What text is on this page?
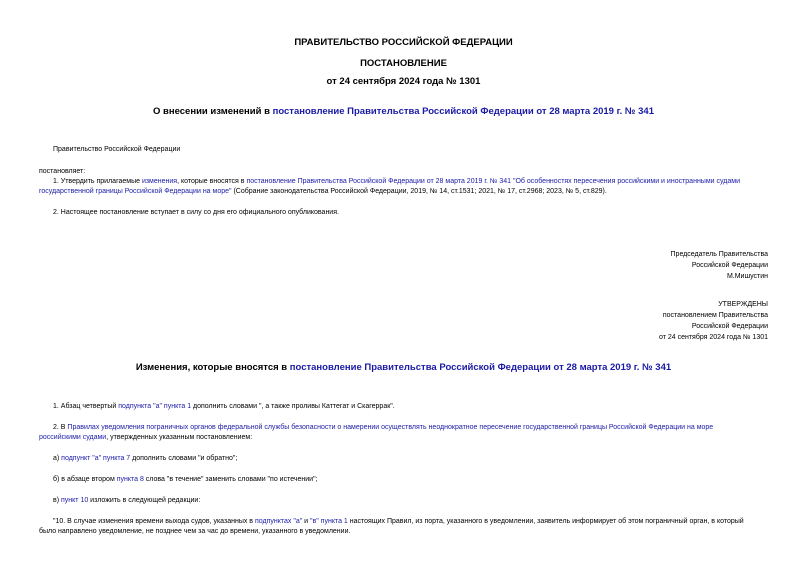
ПРАВИТЕЛЬСТВО РОССИЙСКОЙ ФЕДЕРАЦИИ
ПОСТАНОВЛЕНИЕ
от 24 сентября 2024 года № 1301
О внесении изменений в постановление Правительства Российской Федерации от 28 марта 2019 г. № 341
Правительство Российской Федерации
постановляет:
1. Утвердить прилагаемые изменения, которые вносятся в постановление Правительства Российской Федерации от 28 марта 2019 г. № 341 "Об особенностях пересечения российскими и иностранными судами
государственной границы Российской Федерации на море" (Собрание законодательства Российской Федерации, 2019, № 14, ст.1531; 2021, № 17, ст.2968; 2023, № 5, ст.829).
2. Настоящее постановление вступает в силу со дня его официального опубликования.
Председатель Правительства
Российской Федерации
М.Мишустин
УТВЕРЖДЕНЫ
постановлением Правительства
Российской Федерации
от 24 сентября 2024 года № 1301
Изменения, которые вносятся в постановление Правительства Российской Федерации от 28 марта 2019 г. № 341
1. Абзац четвертый подпункта "а" пункта 1 дополнить словами ", а также проливы Каттегат и Скагеррак".
2. В Правилах уведомления пограничных органов федеральной службы безопасности о намерении осуществлять неоднократное пересечение государственной границы Российской Федерации на море
российскими судами, утвержденных указанным постановлением:
а) подпункт "а" пункта 7 дополнить словами "и обратно";
б) в абзаце втором пункта 8 слова "в течение" заменить словами "по истечении";
в) пункт 10 изложить в следующей редакции:
"10. В случае изменения времени выхода судов, указанных в подпунктах "а" и "в" пункта 1 настоящих Правил, из порта, указанного в уведомлении, заявитель информирует об этом пограничный орган, в который
было направлено уведомление, не позднее чем за час до времени, указанного в уведомлении.
